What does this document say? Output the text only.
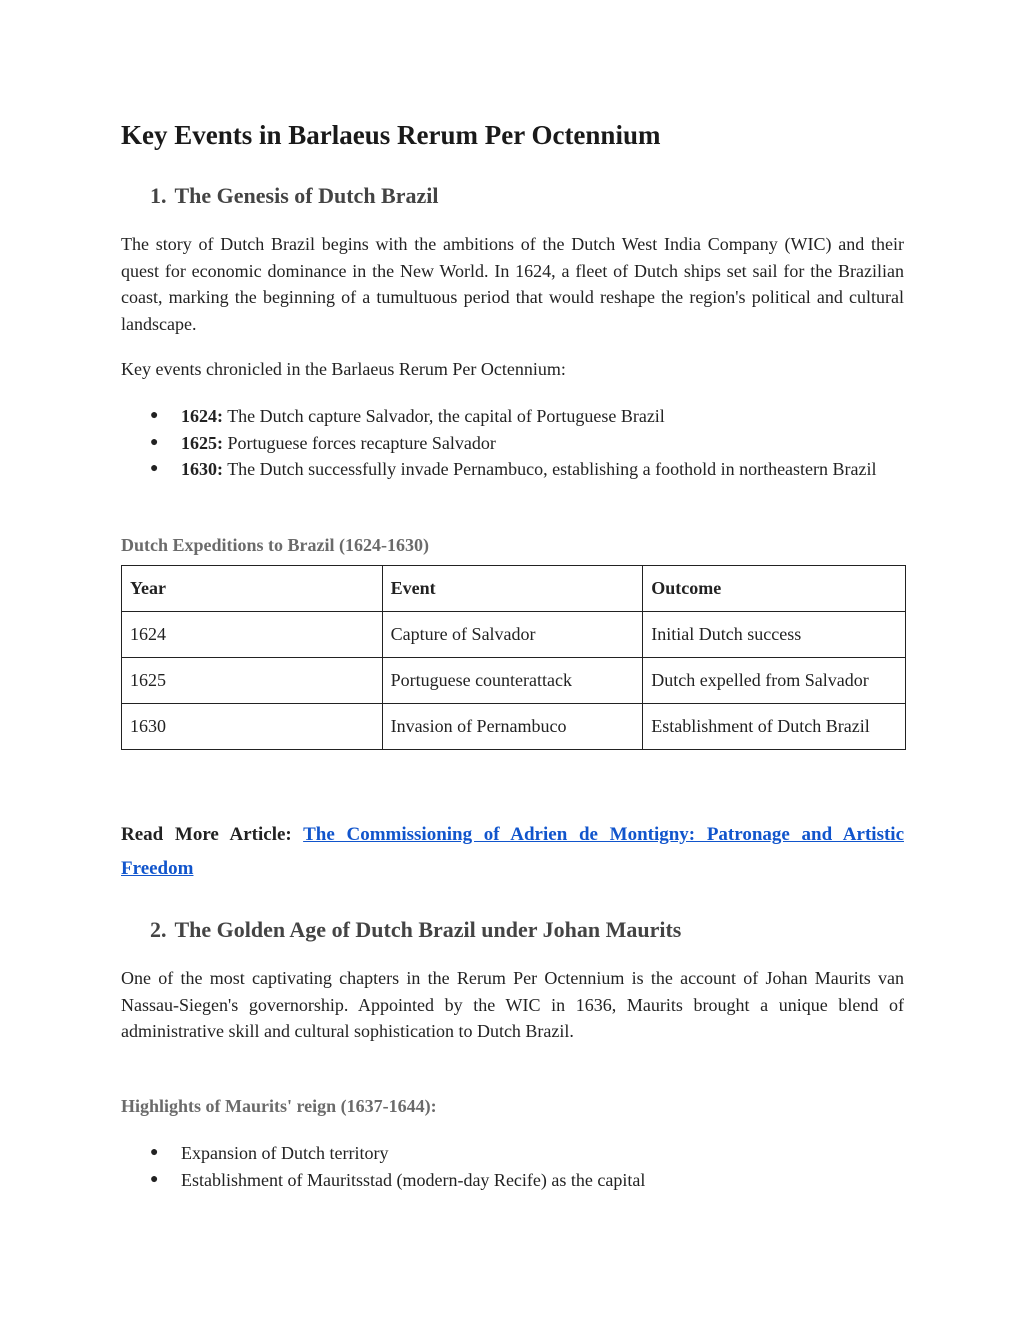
Key Events in Barlaeus Rerum Per Octennium
1. The Genesis of Dutch Brazil

The story of Dutch Brazil begins with the ambitions of the Dutch West India Company (WIC) and their quest for economic dominance in the New World. In 1624, a fleet of Dutch ships set sail for the Brazilian coast, marking the beginning of a tumultuous period that would reshape the region's political and cultural landscape.

Key events chronicled in the Barlaeus Rerum Per Octennium:

● 1624: The Dutch capture Salvador, the capital of Portuguese Brazil
● 1625: Portuguese forces recapture Salvador
● 1630: The Dutch successfully invade Pernambuco, establishing a foothold in northeastern Brazil
Dutch Expeditions to Brazil (1624-1630)
Year	Event	Outcome
1624	Capture of Salvador	Initial Dutch success
1625	Portuguese counterattack	Dutch expelled from Salvador
1630	Invasion of Pernambuco	Establishment of Dutch Brazil
Read More Article: The Commissioning of Adrien de Montigny: Patronage and Artistic Freedom
2. The Golden Age of Dutch Brazil under Johan Maurits

One of the most captivating chapters in the Rerum Per Octennium is the account of Johan Maurits van Nassau-Siegen's governorship. Appointed by the WIC in 1636, Maurits brought a unique blend of administrative skill and cultural sophistication to Dutch Brazil.

Highlights of Maurits' reign (1637-1644):
● Expansion of Dutch territory
● Establishment of Mauritsstad (modern-day Recife) as the capital
